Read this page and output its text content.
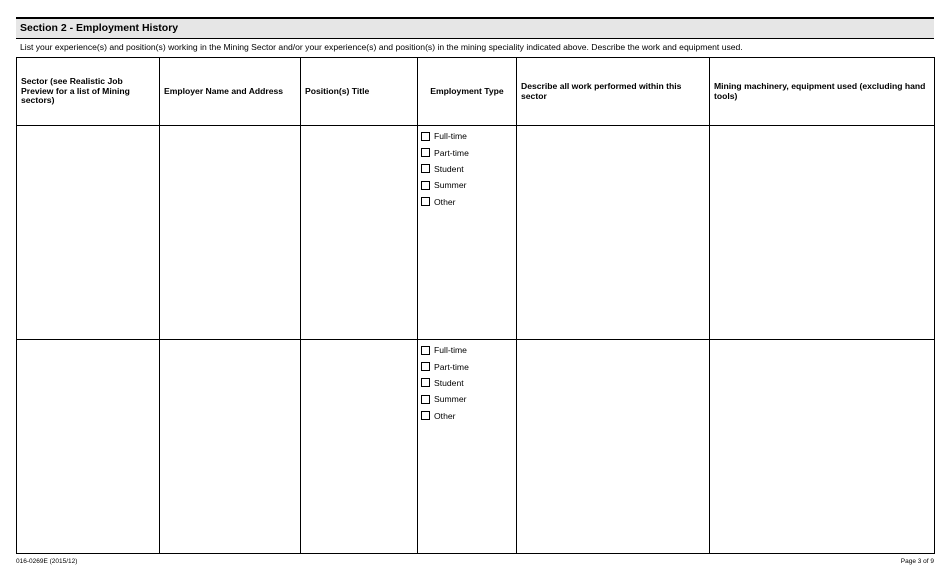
Section 2 - Employment History
List your experience(s) and position(s) working in the Mining Sector and/or your experience(s) and position(s) in the mining speciality indicated above. Describe the work and equipment used.
Sector (see Realistic Job Preview for a list of Mining sectors)	Employer Name and Address	Position(s) Title	Employment Type	Describe all work performed within this sector	Mining machinery, equipment used (excluding hand tools)

			Full-time
Part-time
Student
Summer
Other		

			Full-time
Part-time
Student
Summer
Other		

016-0269E (2015/12)	Page 3 of 9
